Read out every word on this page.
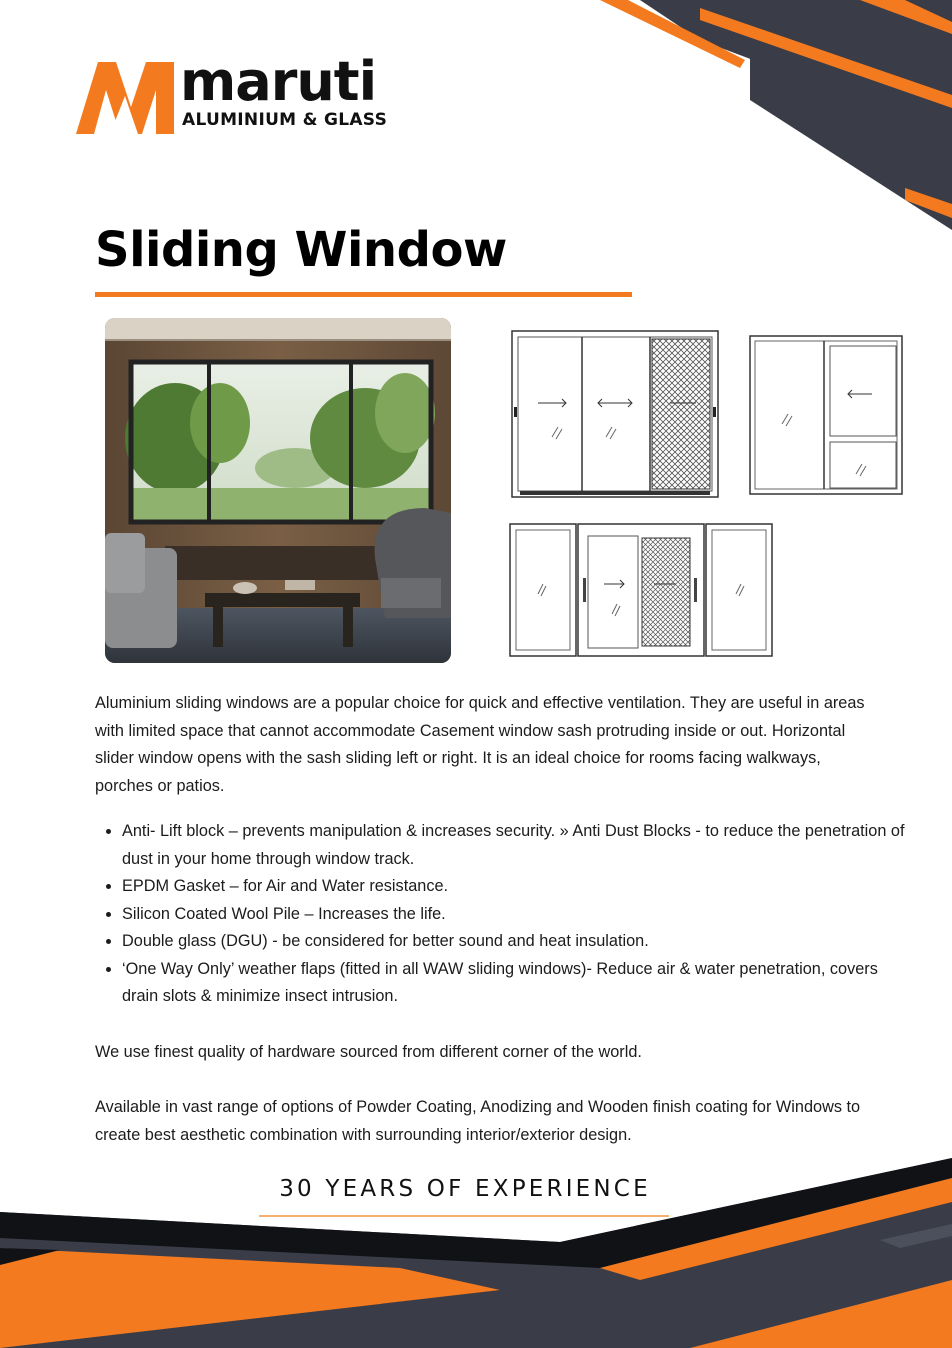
maruti
ALUMINIUM & GLASS
Sliding Window

Aluminium sliding windows are a popular choice for quick and effective ventilation. They are useful in areas with limited space that cannot accommodate Casement window sash protruding inside or out. Horizontal slider window opens with the sash sliding left or right. It is an ideal choice for rooms facing walkways, porches or patios.

• Anti- Lift block – prevents manipulation & increases security. » Anti Dust Blocks - to reduce the penetration of dust in your home through window track.
• EPDM Gasket – for Air and Water resistance.
• Silicon Coated Wool Pile – Increases the life.
• Double glass (DGU) - be considered for better sound and heat insulation.
• ‘One Way Only’ weather flaps (fitted in all WAW sliding windows)- Reduce air & water penetration, covers drain slots & minimize insect intrusion.

We use finest quality of hardware sourced from different corner of the world.

Available in vast range of options of Powder Coating, Anodizing and Wooden finish coating for Windows to create best aesthetic combination with surrounding interior/exterior design.

30 YEARS OF EXPERIENCE
